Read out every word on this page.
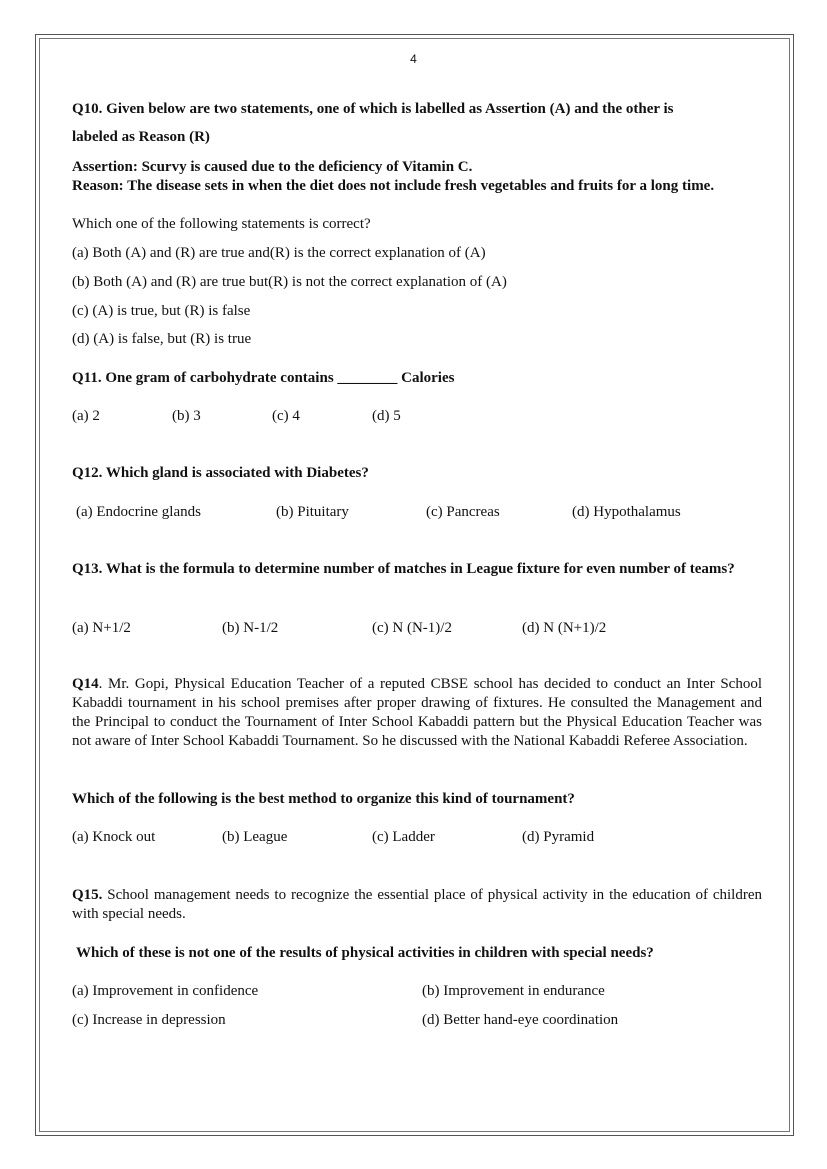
4
Q10. Given below are two statements, one of which is labelled as Assertion (A) and the other is
labeled as Reason (R)
Assertion: Scurvy is caused due to the deficiency of Vitamin C.
Reason: The disease sets in when the diet does not include fresh vegetables and fruits for a long time.
Which one of the following statements is correct?
(a) Both (A) and (R) are true and(R) is the correct explanation of (A)
(b) Both (A) and (R) are true but(R) is not the correct explanation of (A)
(c) (A) is true, but (R) is false
(d) (A) is false, but (R) is true
Q11. One gram of carbohydrate contains ________ Calories
(a) 2	(b) 3	(c) 4	(d) 5
Q12. Which gland is associated with Diabetes?
(a) Endocrine glands	(b) Pituitary	(c) Pancreas	(d) Hypothalamus
Q13. What is the formula to determine number of matches in League fixture for even number of teams?
(a) N+1/2	(b) N-1/2	(c) N (N-1)/2	(d) N (N+1)/2
Q14. Mr. Gopi, Physical Education Teacher of a reputed CBSE school has decided to conduct an Inter School Kabaddi tournament in his school premises after proper drawing of fixtures. He consulted the Management and the Principal to conduct the Tournament of Inter School Kabaddi pattern but the Physical Education Teacher was not aware of Inter School Kabaddi Tournament. So he discussed with the National Kabaddi Referee Association.
Which of the following is the best method to organize this kind of tournament?
(a) Knock out	(b) League	(c) Ladder	(d) Pyramid
Q15. School management needs to recognize the essential place of physical activity in the education of children with special needs.
Which of these is not one of the results of physical activities in children with special needs?
(a) Improvement in confidence	(b) Improvement in endurance
(c) Increase in depression	(d) Better hand-eye coordination
